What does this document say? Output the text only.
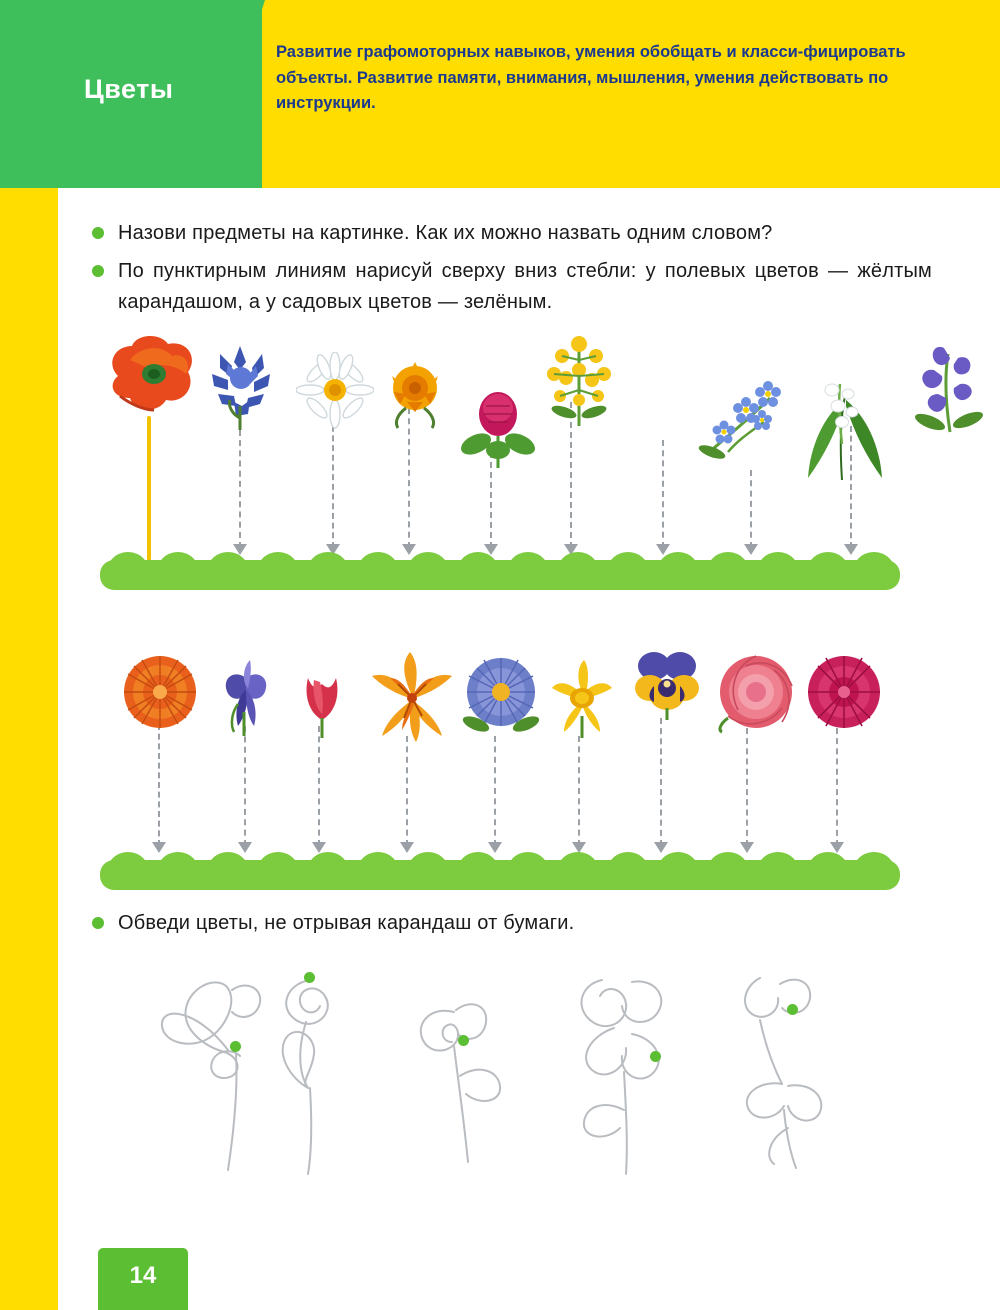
Цветы
Развитие графомоторных навыков, умения обобщать и класси-фицировать объекты. Развитие памяти, внимания, мышления, умения действовать по инструкции.
Назови предметы на картинке. Как их можно назвать одним словом?
По пунктирным линиям нарисуй сверху вниз стебли: у полевых цветов — жёлтым карандашом, а у садовых цветов — зелёным.
Обведи цветы, не отрывая карандаш от бумаги.
14
